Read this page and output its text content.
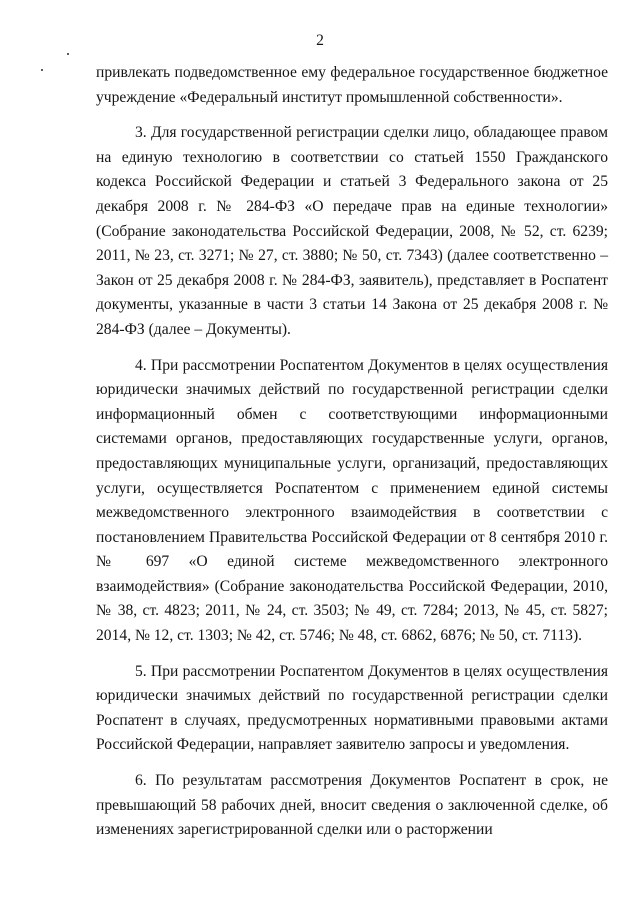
2

привлекать подведомственное ему федеральное государственное бюджетное учреждение «Федеральный институт промышленной собственности».

3. Для государственной регистрации сделки лицо, обладающее правом на единую технологию в соответствии со статьей 1550 Гражданского кодекса Российской Федерации и статьей 3 Федерального закона от 25 декабря 2008 г. № 284-ФЗ «О передаче прав на единые технологии» (Собрание законодательства Российской Федерации, 2008, № 52, ст. 6239; 2011, № 23, ст. 3271; № 27, ст. 3880; № 50, ст. 7343) (далее соответственно – Закон от 25 декабря 2008 г. № 284-ФЗ, заявитель), представляет в Роспатент документы, указанные в части 3 статьи 14 Закона от 25 декабря 2008 г. № 284-ФЗ (далее – Документы).

4. При рассмотрении Роспатентом Документов в целях осуществления юридически значимых действий по государственной регистрации сделки информационный обмен с соответствующими информационными системами органов, предоставляющих государственные услуги, органов, предоставляющих муниципальные услуги, организаций, предоставляющих услуги, осуществляется Роспатентом с применением единой системы межведомственного электронного взаимодействия в соответствии с постановлением Правительства Российской Федерации от 8 сентября 2010 г. № 697 «О единой системе межведомственного электронного взаимодействия» (Собрание законодательства Российской Федерации, 2010, № 38, ст. 4823; 2011, № 24, ст. 3503; № 49, ст. 7284; 2013, № 45, ст. 5827; 2014, № 12, ст. 1303; № 42, ст. 5746; № 48, ст. 6862, 6876; № 50, ст. 7113).

5. При рассмотрении Роспатентом Документов в целях осуществления юридически значимых действий по государственной регистрации сделки Роспатент в случаях, предусмотренных нормативными правовыми актами Российской Федерации, направляет заявителю запросы и уведомления.

6. По результатам рассмотрения Документов Роспатент в срок, не превышающий 58 рабочих дней, вносит сведения о заключенной сделке, об изменениях зарегистрированной сделки или о расторжении
